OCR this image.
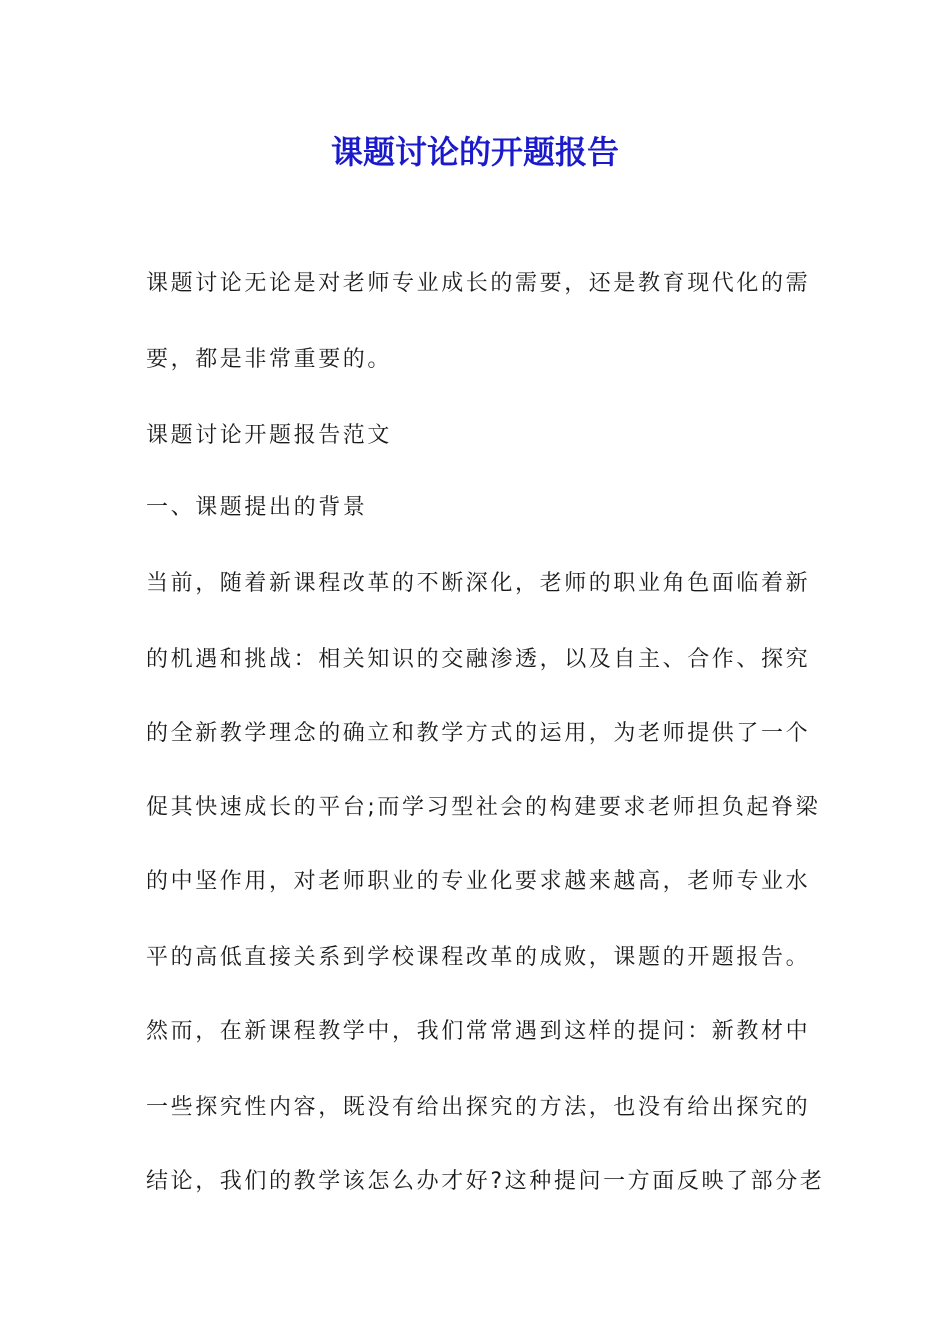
课题讨论的开题报告

课题讨论无论是对老师专业成长的需要，还是教育现代化的需

要，都是非常重要的。

课题讨论开题报告范文

一、课题提出的背景

当前，随着新课程改革的不断深化，老师的职业角色面临着新

的机遇和挑战：相关知识的交融渗透，以及自主、合作、探究

的全新教学理念的确立和教学方式的运用，为老师提供了一个

促其快速成长的平台;而学习型社会的构建要求老师担负起脊梁

的中坚作用，对老师职业的专业化要求越来越高，老师专业水

平的高低直接关系到学校课程改革的成败，课题的开题报告。

然而，在新课程教学中，我们常常遇到这样的提问：新教材中

一些探究性内容，既没有给出探究的方法，也没有给出探究的

结论，我们的教学该怎么办才好?这种提问一方面反映了部分老
